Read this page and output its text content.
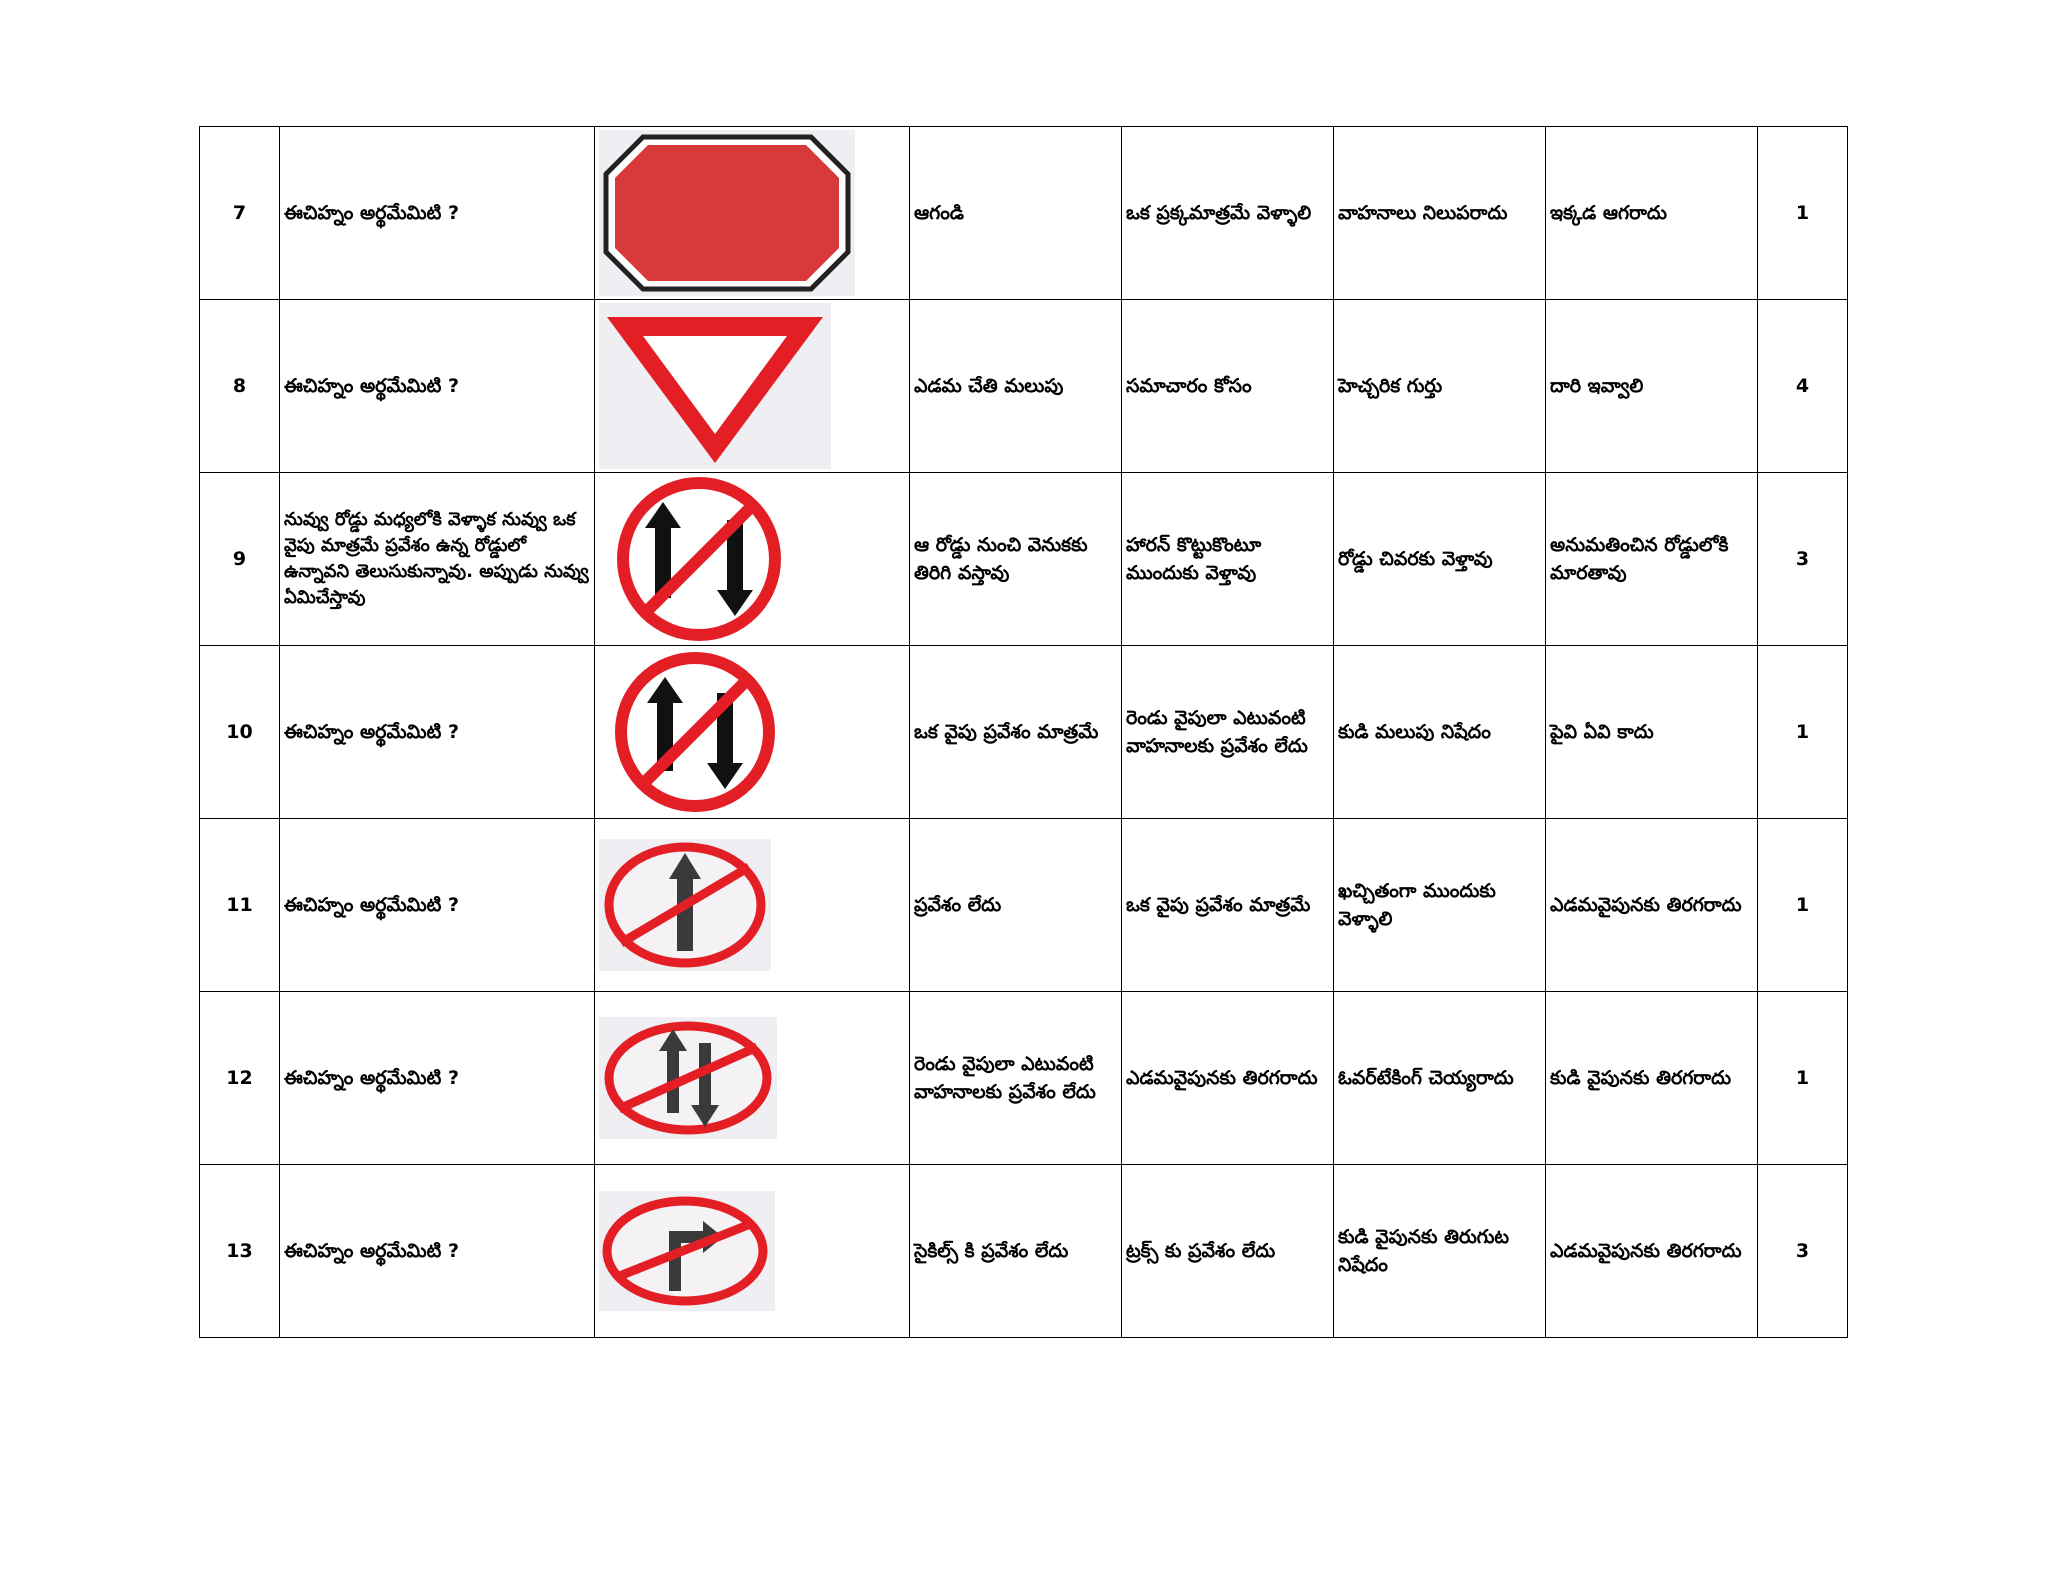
7	ఈచిహ్నం అర్థమేమిటి ?		ఆగండి	ఒక ప్రక్కమాత్రమే వెళ్ళాలి	వాహనాలు నిలుపరాదు	ఇక్కడ ఆగరాదు	1
8	ఈచిహ్నం అర్థమేమిటి ?		ఎడమ చేతి మలుపు	సమాచారం కోసం	హెచ్చరిక గుర్తు	దారి ఇవ్వాలి	4
9	నువ్వు రోడ్డు మధ్యలోకి వెళ్ళాక నువ్వు ఒక వైపు మాత్రమే ప్రవేశం ఉన్న రోడ్డులో ఉన్నావని తెలుసుకున్నావు. అప్పుడు నువ్వు ఏమిచేస్తావు		ఆ రోడ్డు నుంచి వెనుకకు తిరిగి వస్తావు	హారన్ కొట్టుకొంటూ ముందుకు వెళ్తావు	రోడ్డు చివరకు వెళ్తావు	అనుమతించిన రోడ్డులోకి మారతావు	3
10	ఈచిహ్నం అర్థమేమిటి ?		ఒక వైపు ప్రవేశం మాత్రమే	రెండు వైపులా ఎటువంటి వాహనాలకు ప్రవేశం లేదు	కుడి మలుపు నిషేదం	పైవి ఏవి కాదు	1
11	ఈచిహ్నం అర్థమేమిటి ?		ప్రవేశం లేదు	ఒక వైపు ప్రవేశం మాత్రమే	ఖచ్చితంగా ముందుకు వెళ్ళాలి	ఎడమవైపునకు తిరగరాదు	1
12	ఈచిహ్నం అర్థమేమిటి ?		రెండు వైపులా ఎటువంటి వాహనాలకు ప్రవేశం లేదు	ఎడమవైపునకు తిరగరాదు	ఓవర్‌టేకింగ్ చెయ్యరాదు	కుడి వైపునకు తిరగరాదు	1
13	ఈచిహ్నం అర్థమేమిటి ?		సైకిల్స్ కి ప్రవేశం లేదు	ట్రక్స్ కు ప్రవేశం లేదు	కుడి వైపునకు తిరుగుట నిషేదం	ఎడమవైపునకు తిరగరాదు	3
